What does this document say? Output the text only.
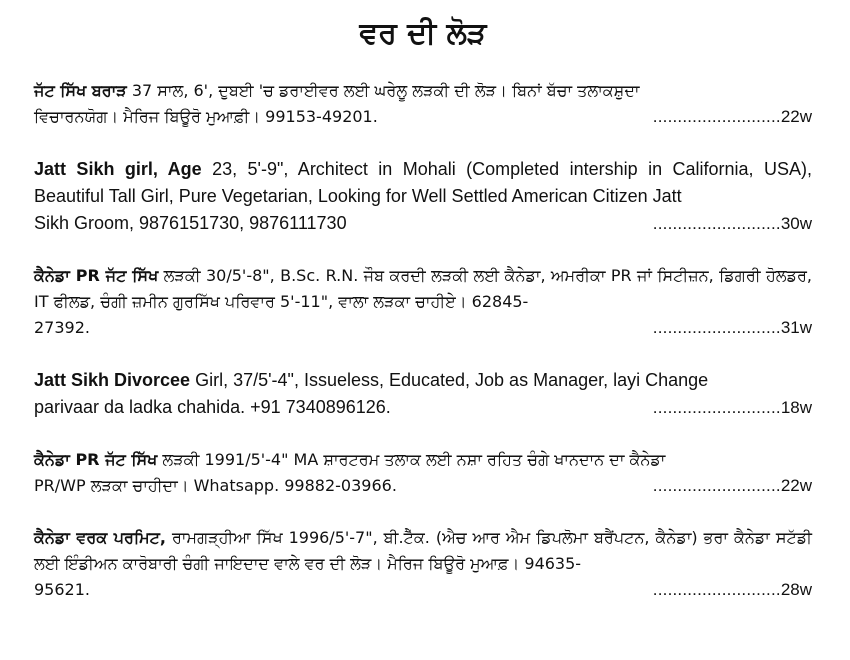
ਵਰ ਦੀ ਲੋੜ
ਜੱਟ ਸਿੱਖ ਬਰਾੜ 37 ਸਾਲ, 6', ਦੁਬਈ 'ਚ ਡਰਾਈਵਰ ਲਈ ਘਰੇਲੂ ਲੜਕੀ ਦੀ ਲੋੜ। ਬਿਨਾਂ ਬੱਚਾ ਤਲਾਕਸ਼ੁਦਾ
ਵਿਚਾਰਨਯੋਗ। ਮੈਰਿਜ ਬਿਊਰੋ ਮੁਆਫ਼ੀ। 99153-49201.	..........................22w
Jatt Sikh girl, Age 23, 5'-9", Architect in Mohali (Completed intership in California, USA), Beautiful Tall Girl, Pure Vegetarian, Looking for Well Settled American Citizen Jatt
Sikh Groom, 9876151730, 9876111730	..........................30w
ਕੈਨੇਡਾ PR ਜੱਟ ਸਿੱਖ ਲੜਕੀ 30/5'-8", B.Sc. R.N. ਜੌਬ ਕਰਦੀ ਲੜਕੀ ਲਈ ਕੈਨੇਡਾ, ਅਮਰੀਕਾ PR ਜਾਂ ਸਿਟੀਜ਼ਨ, ਡਿਗਰੀ ਹੋਲਡਰ, IT ਫੀਲਡ, ਚੰਗੀ ਜ਼ਮੀਨ ਗੁਰਸਿੱਖ ਪਰਿਵਾਰ 5'-11", ਵਾਲਾ ਲੜਕਾ ਚਾਹੀਏ। 62845-
27392.	..........................31w
Jatt Sikh Divorcee Girl, 37/5'-4", Issueless, Educated, Job as Manager, layi Change
parivaar da ladka chahida. +91 7340896126.	..........................18w
ਕੈਨੇਡਾ PR ਜੱਟ ਸਿੱਖ ਲੜਕੀ 1991/5'-4" MA ਸ਼ਾਰਟਰਮ ਤਲਾਕ ਲਈ ਨਸ਼ਾ ਰਹਿਤ ਚੰਗੇ ਖਾਨਦਾਨ ਦਾ ਕੈਨੇਡਾ
PR/WP ਲੜਕਾ ਚਾਹੀਦਾ। Whatsapp. 99882-03966.	..........................22w
ਕੈਨੇਡਾ ਵਰਕ ਪਰਮਿਟ, ਰਾਮਗੜ੍ਹੀਆ ਸਿੱਖ 1996/5'-7", ਬੀ.ਟੈੱਕ. (ਐਚ ਆਰ ਐਮ ਡਿਪਲੋਮਾ ਬਰੈਂਪਟਨ, ਕੈਨੇਡਾ) ਭਰਾ ਕੈਨੇਡਾ ਸਟੱਡੀ ਲਈ ਇੰਡੀਅਨ ਕਾਰੋਬਾਰੀ ਚੰਗੀ ਜਾਇਦਾਦ ਵਾਲੇ ਵਰ ਦੀ ਲੋੜ। ਮੈਰਿਜ ਬਿਊਰੋ ਮੁਆਫ਼। 94635-
95621.	..........................28w
